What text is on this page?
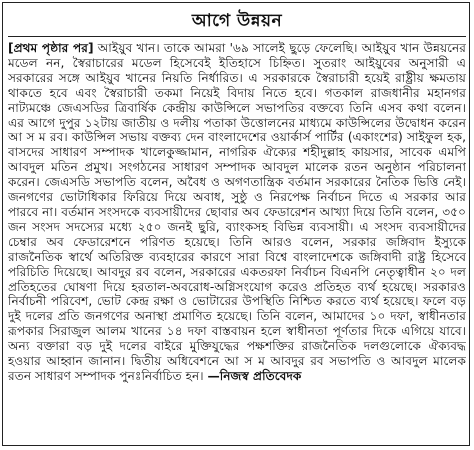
আগে উন্নয়ন
[প্রথম পৃষ্ঠার পর] আইয়ুব খান। তাকে আমরা '৬৯ সালেই ছুড়ে ফেলেছি। আইয়ুব খান উন্নয়নের মডেল নন, স্বৈরাচারের মডেল হিসেবেই ইতিহাসে চিহ্নিত। সুতরাং আইয়ুবের অনুসারী এ সরকারের সঙ্গে আইয়ুব খানের নিয়তি নির্ধারিত। এ সরকারকে স্বৈরাচারী হয়েই রাষ্ট্রীয় ক্ষমতায় থাকতে হবে এবং স্বৈরাচারী তকমা নিয়েই বিদায় নিতে হবে। গতকাল রাজধানীর মহানগর নাট্যমঞ্চে জেএসডির ত্রিবার্ষিক কেন্দ্রীয় কাউন্সিলে সভাপতির বক্তব্যে তিনি এসব কথা বলেন। এর আগে দুপুর ১২টায় জাতীয় ও দলীয় পতাকা উত্তোলনের মাধ্যমে কাউন্সিলের উদ্বোধন করেন আ স ম রব। কাউন্সিল সভায় বক্তব্য দেন বাংলাদেশের ওয়ার্কার্স পার্টির (একাংশের) সাইফুল হক, বাসদের সাধারণ সম্পাদক খালেকুজ্জামান, নাগরিক ঐক্যের শহীদুল্লাহ কায়সার, সাবেক এমপি আবদুল মতিন প্রমুখ। সংগঠনের সাধারণ সম্পাদক আবদুল মালেক রতন অনুষ্ঠান পরিচালনা করেন। জেএসডি সভাপতি বলেন, অবৈধ ও অগণতান্ত্রিক বর্তমান সরকারের নৈতিক ভিত্তি নেই। জনগণের ভোটাধিকার ফিরিয়ে দিয়ে অবাধ, সুষ্ঠু ও নিরপেক্ষ নির্বাচন দিতে এ সরকার আর পারবে না। বর্তমান সংসদকে ব্যবসায়ীদের ছোবার অব ফেডারেশন আখ্যা দিয়ে তিনি বলেন, ৩৫০ জন সংসদ সদস্যের মধ্যে ২৫০ জনই ছুরি, ব্যাংকসহ বিভিন্ন ব্যবসায়ী। এ সংসদ ব্যবসায়ীদের চেম্বার অব ফেডারেশনে পরিণত হয়েছে। তিনি আরও বলেন, সরকার জঙ্গিবাদ ইস্যুকে রাজনৈতিক স্বার্থে অতিরিক্ত ব্যবহারের কারণে সারা বিশ্বে বাংলাদেশকে জঙ্গিবাদী রাষ্ট্র হিসেবে পরিচিতি দিয়েছে। আবদুর রব বলেন, সরকারের একতরফা নির্বাচন বিএনপি নেতৃত্বাধীন ২০ দল প্রতিহতের ঘোষণা দিয়ে হরতাল-অবরোধ-অগ্নিসংযোগ করেও প্রতিহত ব্যর্থ হয়েছে। সরকারও নির্বাচনী পরিবেশ, ভোট কেন্দ্র রক্ষা ও ভোটারের উপস্থিতি নিশ্চিত করতে ব্যর্থ হয়েছে। ফলে বড় দুই দলের প্রতি জনগণের অনাস্থা প্রমাণিত হয়েছে। তিনি বলেন, আমাদের ১০ দফা, স্বাধীনতার রূপকার সিরাজুল আলম খানের ১৪ দফা বাস্তবায়ন হলে স্বাধীনতা পূর্ণতার দিকে এগিয়ে যাবে। অন্য বক্তারা বড় দুই দলের বাইরে মুক্তিযুদ্ধের পক্ষশক্তির রাজনৈতিক দলগুলোকে ঐক্যবদ্ধ হওয়ার আহ্বান জানান। দ্বিতীয় অধিবেশনে আ স ম আবদুর রব সভাপতি ও আবদুল মালেক রতন সাধারণ সম্পাদক পুনঃনির্বাচিত হন। —নিজস্ব প্রতিবেদক
